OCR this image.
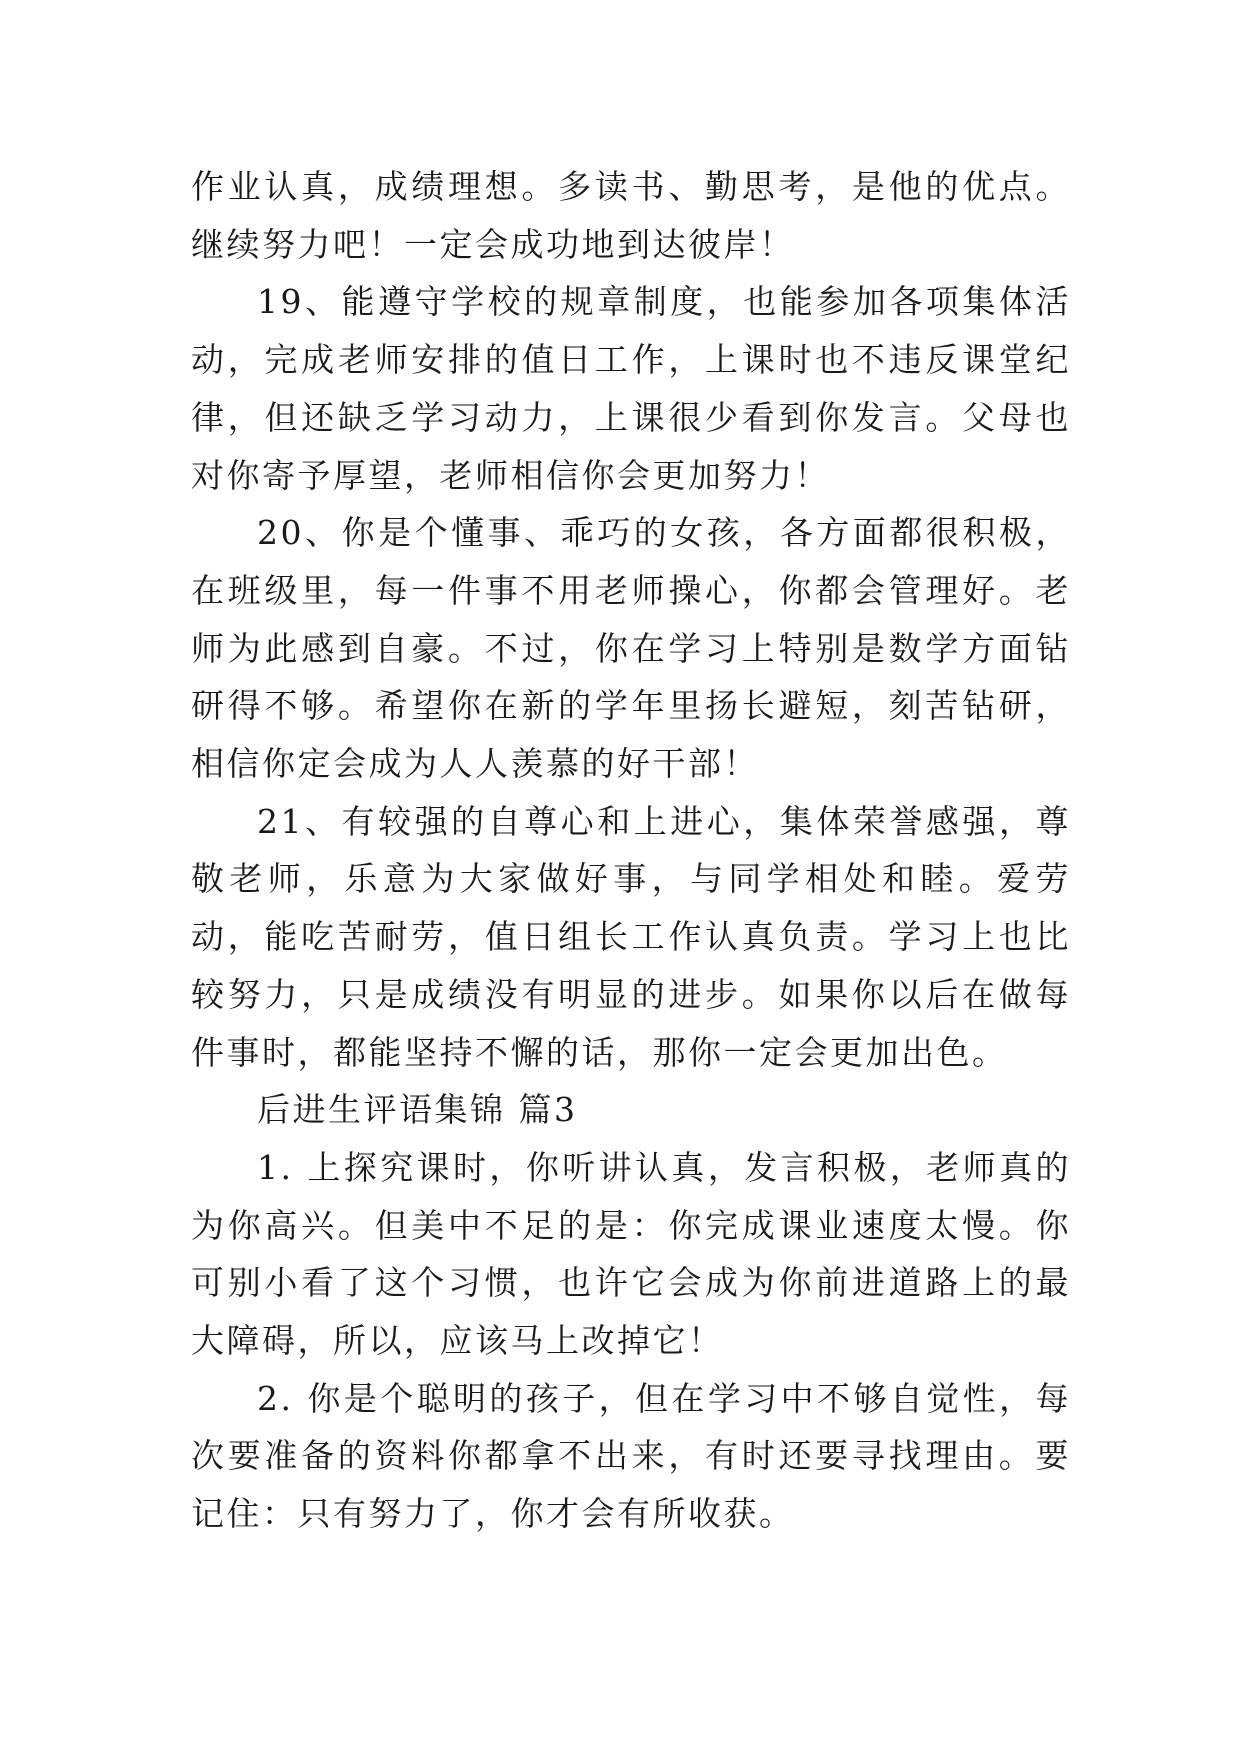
作业认真，成绩理想。多读书、勤思考，是他的优点。继续努力吧！一定会成功地到达彼岸！

19、能遵守学校的规章制度，也能参加各项集体活动，完成老师安排的值日工作，上课时也不违反课堂纪律，但还缺乏学习动力，上课很少看到你发言。父母也对你寄予厚望，老师相信你会更加努力！

20、你是个懂事、乖巧的女孩，各方面都很积极，在班级里，每一件事不用老师操心，你都会管理好。老师为此感到自豪。不过，你在学习上特别是数学方面钻研得不够。希望你在新的学年里扬长避短，刻苦钻研，相信你定会成为人人羡慕的好干部！

21、有较强的自尊心和上进心，集体荣誉感强，尊敬老师，乐意为大家做好事，与同学相处和睦。爱劳动，能吃苦耐劳，值日组长工作认真负责。学习上也比较努力，只是成绩没有明显的进步。如果你以后在做每件事时，都能坚持不懈的话，那你一定会更加出色。

后进生评语集锦 篇3

1. 上探究课时，你听讲认真，发言积极，老师真的为你高兴。但美中不足的是：你完成课业速度太慢。你可别小看了这个习惯，也许它会成为你前进道路上的最大障碍，所以，应该马上改掉它！

2. 你是个聪明的孩子，但在学习中不够自觉性，每次要准备的资料你都拿不出来，有时还要寻找理由。要记住：只有努力了，你才会有所收获。
